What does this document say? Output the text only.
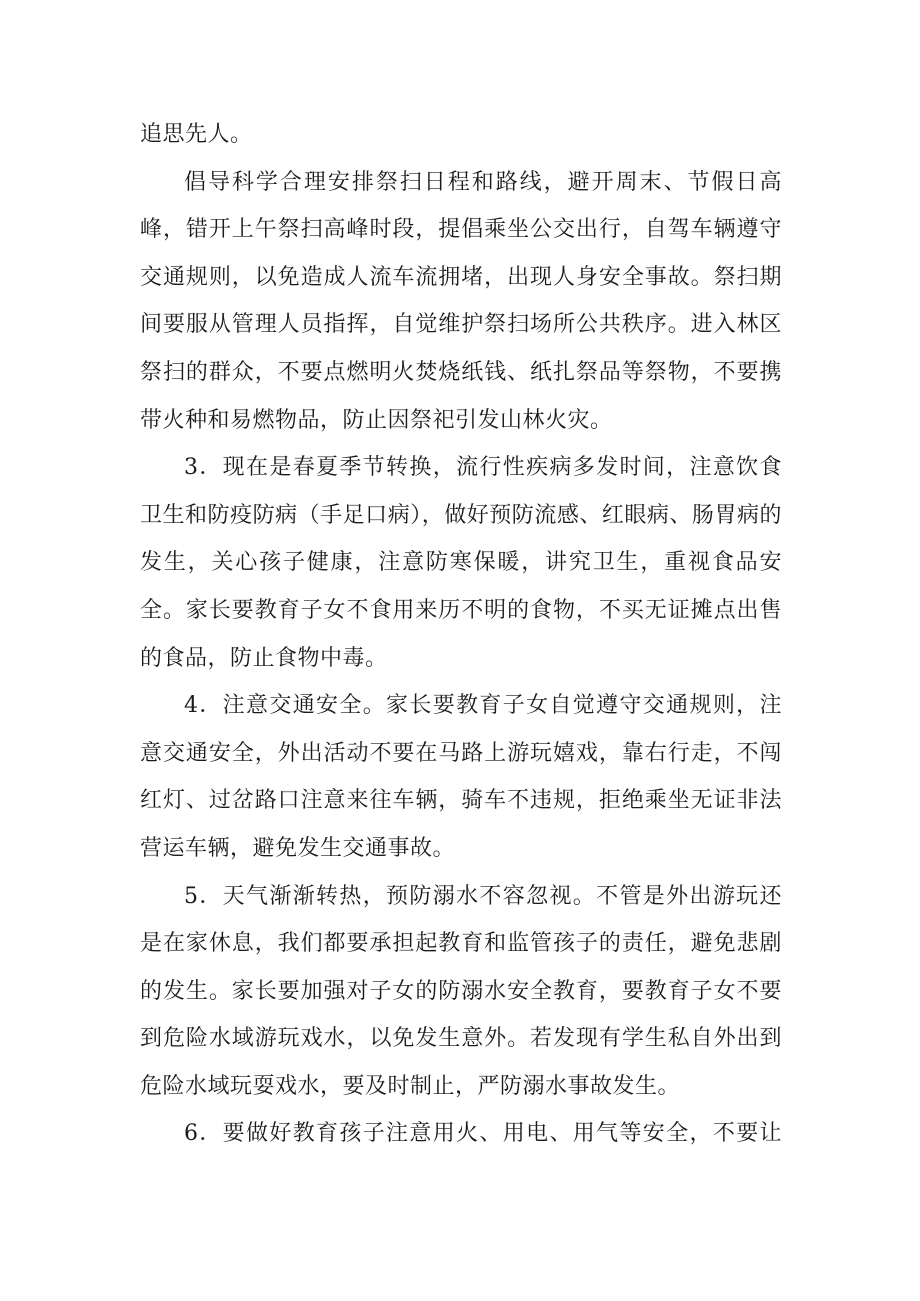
追思先人。

倡导科学合理安排祭扫日程和路线，避开周末、节假日高峰，错开上午祭扫高峰时段，提倡乘坐公交出行，自驾车辆遵守交通规则，以免造成人流车流拥堵，出现人身安全事故。祭扫期间要服从管理人员指挥，自觉维护祭扫场所公共秩序。进入林区祭扫的群众，不要点燃明火焚烧纸钱、纸扎祭品等祭物，不要携带火种和易燃物品，防止因祭祀引发山林火灾。

3．现在是春夏季节转换，流行性疾病多发时间，注意饮食卫生和防疫防病（手足口病），做好预防流感、红眼病、肠胃病的发生，关心孩子健康，注意防寒保暖，讲究卫生，重视食品安全。家长要教育子女不食用来历不明的食物，不买无证摊点出售的食品，防止食物中毒。

4．注意交通安全。家长要教育子女自觉遵守交通规则，注意交通安全，外出活动不要在马路上游玩嬉戏，靠右行走，不闯红灯、过岔路口注意来往车辆，骑车不违规，拒绝乘坐无证非法营运车辆，避免发生交通事故。

5．天气渐渐转热，预防溺水不容忽视。不管是外出游玩还是在家休息，我们都要承担起教育和监管孩子的责任，避免悲剧的发生。家长要加强对子女的防溺水安全教育，要教育子女不要到危险水域游玩戏水，以免发生意外。若发现有学生私自外出到危险水域玩耍戏水，要及时制止，严防溺水事故发生。

6．要做好教育孩子注意用火、用电、用气等安全，不要让
